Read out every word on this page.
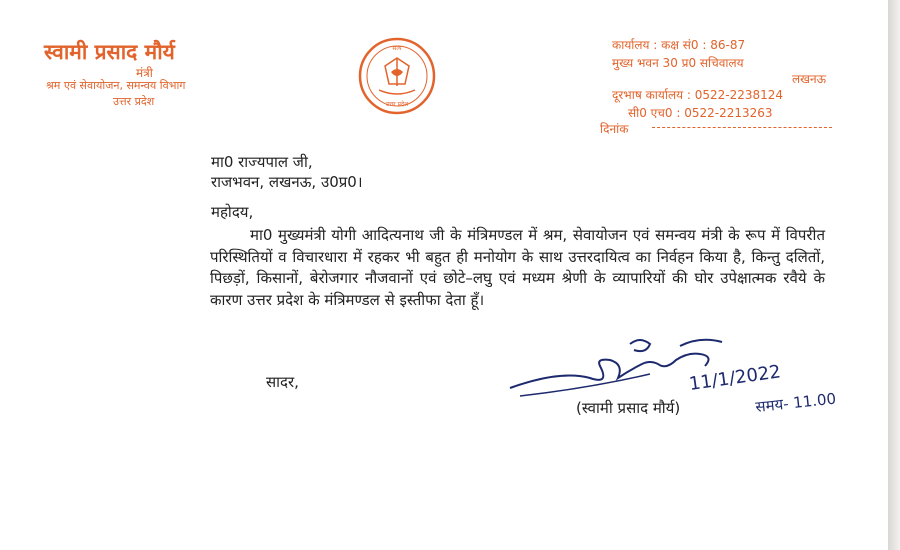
स्वामी प्रसाद मौर्य
मंत्री
श्रम एवं सेवायोजन, समन्वय विभाग
उत्तर प्रदेश
सत्य
उत्तर प्रदेश
कार्यालय : कक्ष सं0 : 86-87
मुख्य भवन 30 प्र0 सचिवालय
लखनऊ
दूरभाष कार्यालय : 0522-2238124
सी0 एच0 : 0522-2213263
दिनांक
मा0 राज्यपाल जी,
राजभवन, लखनऊ, उ0प्र0।
महोदय,
मा0 मुख्यमंत्री योगी आदित्यनाथ जी के मंत्रिमण्डल में श्रम, सेवायोजन एवं समन्वय मंत्री के रूप में विपरीत परिस्थितियों व विचारधारा में रहकर भी बहुत ही मनोयोग के साथ उत्तरदायित्व का निर्वहन किया है, किन्तु दलितों, पिछड़ों, किसानों, बेरोजगार नौजवानों एवं छोटे–लघु एवं मध्यम श्रेणी के व्यापारियों की घोर उपेक्षात्मक रवैये के कारण उत्तर प्रदेश के मंत्रिमण्डल से इस्तीफा देता हूँ।
सादर,	11/1/2022
समय- 11.00
(स्वामी प्रसाद मौर्य)
